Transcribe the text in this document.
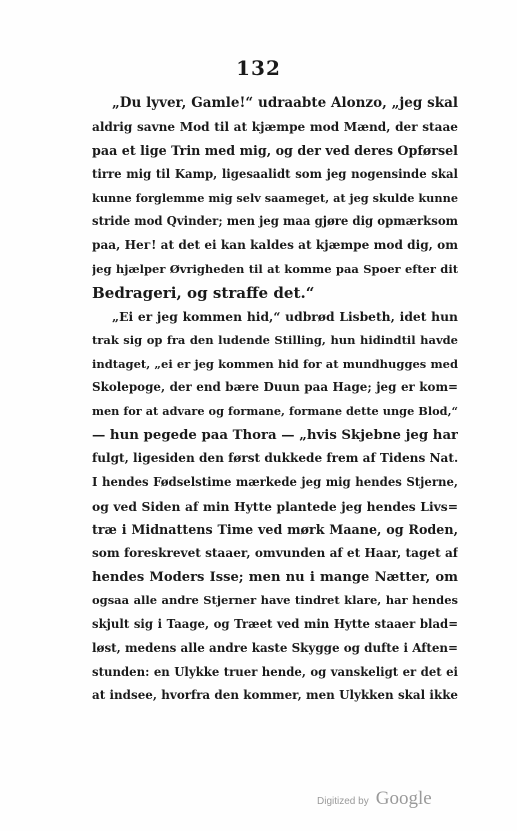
132
„Du lyver, Gamle!“ udraabte Alonzo, „jeg skal
aldrig savne Mod til at kjæmpe mod Mænd, der staae
paa et lige Trin med mig, og der ved deres Opførsel
tirre mig til Kamp, ligesaalidt som jeg nogensinde skal
kunne forglemme mig selv saameget, at jeg skulde kunne
stride mod Qvinder; men jeg maa gjøre dig opmærksom
paa, Heг! at det ei kan kaldes at kjæmpe mod dig, om
jeg hjælper Øvrigheden til at komme paa Spoer efter dit
Bedrageri, og straffe det.“
„Ei er jeg kommen hid,“ udbrød Lisbeth, idet hun
trak sig op fra den ludende Stilling, hun hidindtil havde
indtaget, „ei er jeg kommen hid for at mundhugges med
Skolepoge, der end bære Duun paa Hage; jeg er kom=
men for at advare og formane, formane dette unge Blod,“
— hun pegede paa Thora — „hvis Skjebne jeg har
fulgt, ligesiden den først dukkede frem af Tidens Nat.
I hendes Fødselstime mærkede jeg mig hendes Stjerne,
og ved Siden af min Hytte plantede jeg hendes Livs=
træ i Midnattens Time ved mørk Maane, og Roden,
som foreskrevet staaer, omvunden af et Haar, taget af
hendes Moders Isse; men nu i mange Nætter, om
ogsaa alle andre Stjerner have tindret klare, har hendes
skjult sig i Taage, og Træet ved min Hytte staaer blad=
løst, medens alle andre kaste Skygge og dufte i Aften=
stunden: en Ulykke truer hende, og vanskeligt er det ei
at indsee, hvorfra den kommer, men Ulykken skal ikke
Digitized by Google
